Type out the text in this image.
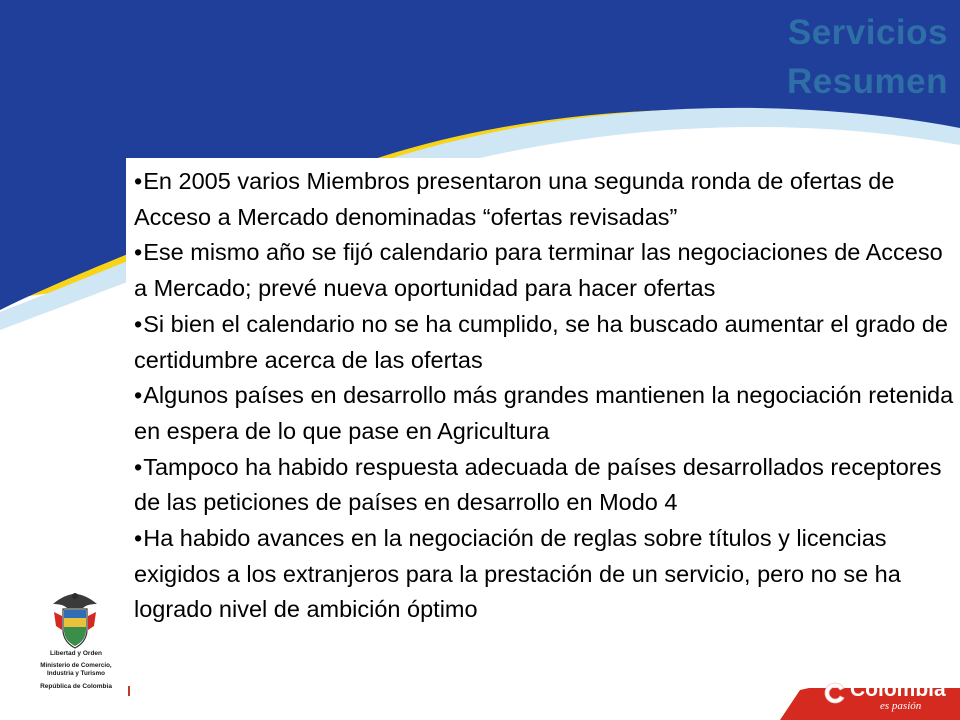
Servicios
Resumen
•En 2005 varios Miembros presentaron una segunda ronda de ofertas de Acceso a Mercado denominadas “ofertas revisadas”
•Ese mismo año se fijó calendario para terminar las negociaciones de Acceso a Mercado; prevé nueva oportunidad para hacer ofertas
•Si bien el calendario no se ha cumplido, se ha buscado aumentar el grado de certidumbre acerca de las ofertas
•Algunos países en desarrollo más grandes mantienen la negociación retenida en espera de lo que pase en Agricultura
•Tampoco ha habido respuesta adecuada de países desarrollados receptores de las peticiones de países en desarrollo en Modo 4
•Ha habido avances en la negociación de reglas sobre títulos y licencias exigidos a los extranjeros para la prestación de un servicio, pero no se ha logrado nivel de ambición óptimo
Libertad y Orden
Ministerio de Comercio,
Industria y Turismo
República de Colombia	Colombia
es pasión
